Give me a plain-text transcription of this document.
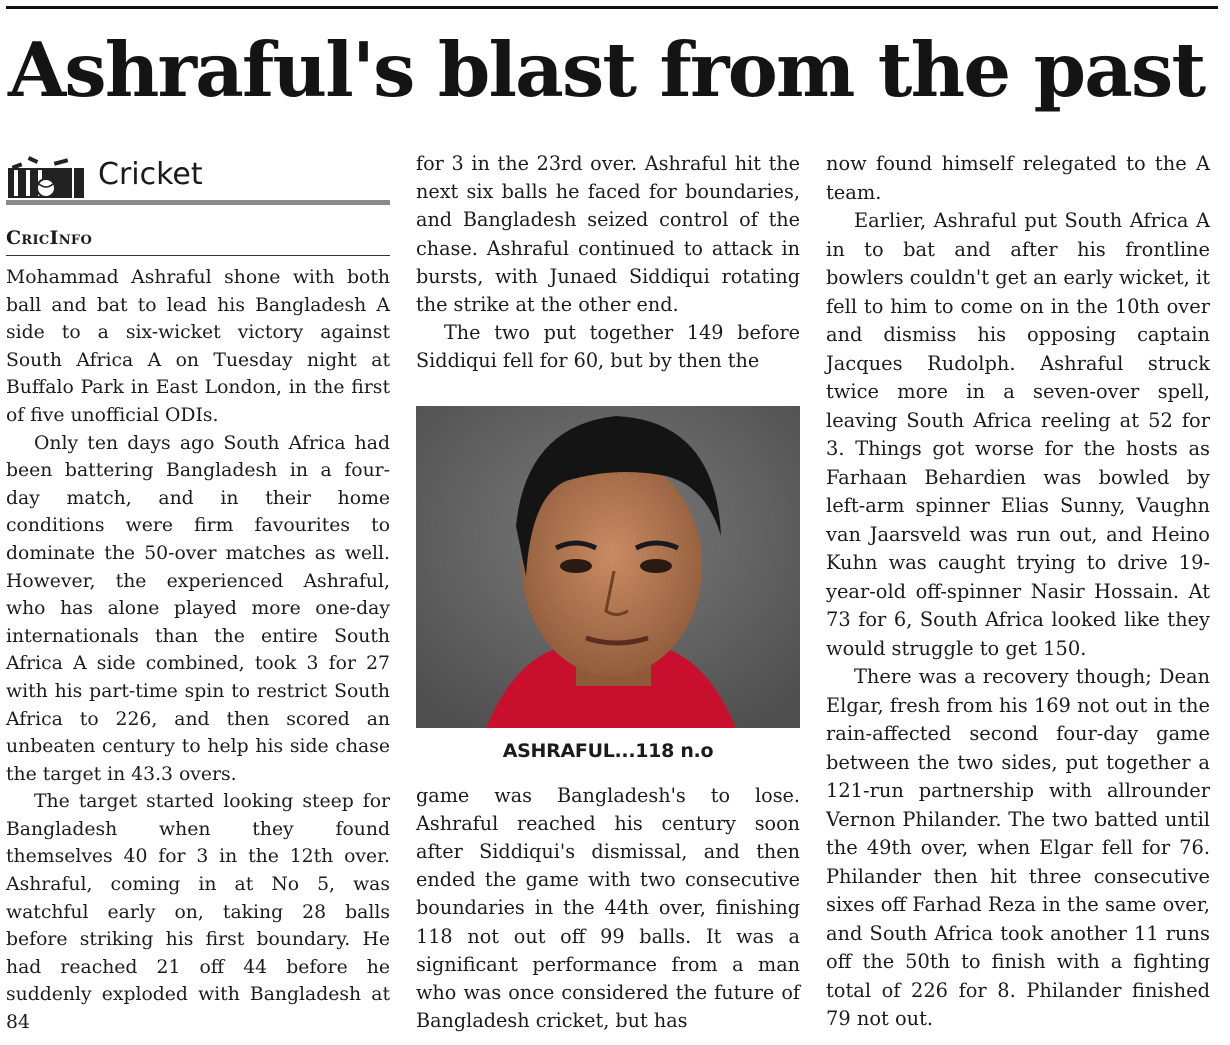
Ashraful's blast from the past
Cricket
CricInfo

Mohammad Ashraful shone with both ball and bat to lead his Bangladesh A side to a six-wicket victory against South Africa A on Tuesday night at Buffalo Park in East London, in the first of five unofficial ODIs.

Only ten days ago South Africa had been battering Bangladesh in a four-day match, and in their home conditions were firm favourites to dominate the 50-over matches as well. However, the experienced Ashraful, who has alone played more one-day internationals than the entire South Africa A side combined, took 3 for 27 with his part-time spin to restrict South Africa to 226, and then scored an unbeaten century to help his side chase the target in 43.3 overs.

The target started looking steep for Bangladesh when they found themselves 40 for 3 in the 12th over. Ashraful, coming in at No 5, was watchful early on, taking 28 balls before striking his first boundary. He had reached 21 off 44 before he suddenly exploded with Bangladesh at 84

for 3 in the 23rd over. Ashraful hit the next six balls he faced for boundaries, and Bangladesh seized control of the chase. Ashraful continued to attack in bursts, with Junaed Siddiqui rotating the strike at the other end.

The two put together 149 before Siddiqui fell for 60, but by then the

ASHRAFUL...118 n.o

game was Bangladesh's to lose. Ashraful reached his century soon after Siddiqui's dismissal, and then ended the game with two consecutive boundaries in the 44th over, finishing 118 not out off 99 balls. It was a significant performance from a man who was once considered the future of Bangladesh cricket, but has

now found himself relegated to the A team.

Earlier, Ashraful put South Africa A in to bat and after his frontline bowlers couldn't get an early wicket, it fell to him to come on in the 10th over and dismiss his opposing captain Jacques Rudolph. Ashraful struck twice more in a seven-over spell, leaving South Africa reeling at 52 for 3. Things got worse for the hosts as Farhaan Behardien was bowled by left-arm spinner Elias Sunny, Vaughn van Jaarsveld was run out, and Heino Kuhn was caught trying to drive 19-year-old off-spinner Nasir Hossain. At 73 for 6, South Africa looked like they would struggle to get 150.

There was a recovery though; Dean Elgar, fresh from his 169 not out in the rain-affected second four-day game between the two sides, put together a 121-run partnership with allrounder Vernon Philander. The two batted until the 49th over, when Elgar fell for 76. Philander then hit three consecutive sixes off Farhad Reza in the same over, and South Africa took another 11 runs off the 50th to finish with a fighting total of 226 for 8. Philander finished 79 not out.
